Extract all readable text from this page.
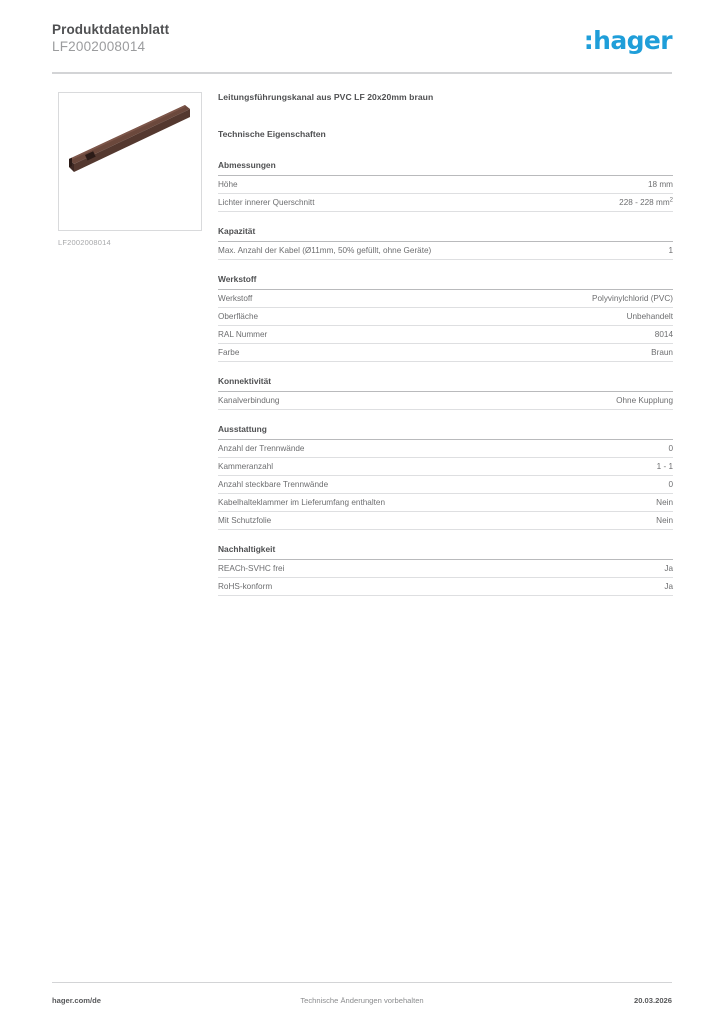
Produktdatenblatt
LF2002008014	:hager
LF2002008014
Leitungsführungskanal aus PVC LF 20x20mm braun
Technische Eigenschaften
Abmessungen
Höhe	18 mm
Lichter innerer Querschnitt	228 - 228 $mm^2$
Kapazität
Max. Anzahl der Kabel (Ø11mm, 50% gefüllt, ohne Geräte)	1
Werkstoff
Werkstoff	Polyvinylchlorid (PVC)
Oberfläche	Unbehandelt
RAL Nummer	8014
Farbe	Braun
Konnektivität
Kanalverbindung	Ohne Kupplung
Ausstattung
Anzahl der Trennwände	0
Kammeranzahl	1 - 1
Anzahl steckbare Trennwände	0
Kabelhalteklammer im Lieferumfang enthalten	Nein
Mit Schutzfolie	Nein
Nachhaltigkeit
REACh-SVHC frei	Ja
RoHS-konform	Ja
Technische Änderungen vorbehalten
hager.com/de	20.03.2026
